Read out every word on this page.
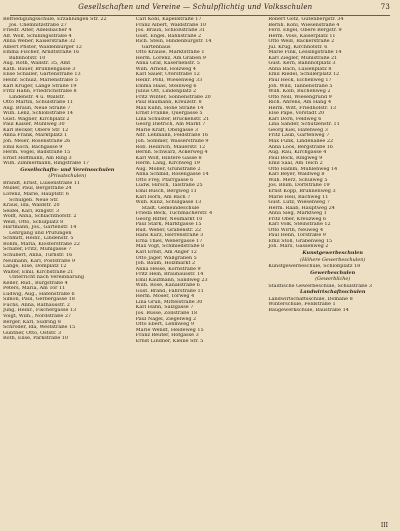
Gesellschaften und Vereine — Schulpflichtig und Volksschulen	73
Befriedigungsschule, Erzählungen Str. 22
Jos. Chemnitzstraße 27
Friedr. Alter, Adelsbacher 4
Alf. Wolf, Schillingsstraße 4
Anna Weber, Kaiserstraße 32
Albert Pfister, Waldenburger 12
Emma Fischer, Arndtstraße 16
Bahnhofstr. 10
Aug. Roth, Wallstr. 35, Amt
Kath. Bauer, Brunnengasse 3
Elise Schaller, Gartenstraße 13
Heinr. Schulz, Marienstraße 5
Karl Krüger, Lange Straße 19
Fritz Hahn, Friedrichstraße 8
Lindenstr. 4 u. Wallstr.
Otto Martin, Schulstraße 11
Aug. Braun, Neue Straße 7
Wilh. Lenz, Schloßstraße 14
Gust. Wagner, Kirchplatz 2
Paul Kaiser, Mühlweg 30
Karl Becker, Obere Str. 12
Anna Frank, Marktplatz 1
Joh. Meier, Rosenstraße 26
Emil Koch, Bachgasse 9
Herm. Vogel, Badstraße 15
Ernst Hoffmann, Am Ring 3
Wilh. Zimmermann, Ringstraße 17
Gesellschafts- und Vereinsschulen
(Privatschulen)
Brandt, Ernst, Luisenstraße 11
Müller, Paul, Bergstraße 24
Lorenz, Marie, Hauptstr. 6
Schulgeb. Neue Str.
Kraus, Ida, Waldstr. 20
Seidel, Karl, Ringstr. 3
Wolff, Anna, Schlachthofstr. 2
Weiß, Otto, Schulplatz 8
Hartmann, Jos., Gartenstr. 14
Lehrgang und Prüfungen
Schmitt, Heinr., Lindenstr. 5
Böhm, Maria, Klosterstraße 22
Schäfer, Fritz, Mühlgasse 7
Schubert, Anna, Turnstr. 16
Neumann, Karl, Poststraße 9
Lange, Else, Domplatz 12
Walter, Emil, Kirchstraße 21
Unterricht nach Vereinbarung
Keller, Rud., Burgstraße 4
Peters, Maria, Am Tor 11
Ludwig, Aug., Hafenstraße 6
Simon, Paul, Gerbergasse 18
Fuchs, Anna, Rathausstr. 2
Jung, Heinr., Fischergasse 13
Voigt, Wilh., Nordstraße 27
Berger, Karl, Südring 8
Schröder, Ida, Weststraße 15
Günther, Otto, Oststr. 3
Roth, Elise, Parkstraße 10
Carl Kohl, Kapellstraße 17
Franz Albert, Waldstraße 10
Jos. Braun, Schloßstraße 31
Gust. Engel, Bahnstraße 2
Rich. Stein, Hindenburgstr. 14
Gartenhaus
Otto Krause, Marktstraße 1
Herm. Lorenz, Am Graben 9
Anna Graf, Kasernenstr. 5
Wilh. Arnold, Holzweg 4
Karl Sauer, Uferstraße 12
Heinr. Pohl, Wiesenweg 33
Emma Haas, Steinweg 6
Julius Ott, Lindenplatz 2
Fritz Winter, Sonnenstraße 20
Paul Baumann, Kreuzstr. 8
Max Kühn, Hohe Straße 14
Ernst Franke, Quergasse 5
Lina Schuster, Brückenstr. 21
Georg Dietrich, Am Markt 7
Marie Kraft, Obstgasse 3
Alfr. Lehmann, Feldstraße 16
Joh. Sommer, Wasserstraße 9
Rob. Heinrich, Mauerstr. 12
Bernh. Schwarz, Ackerweg 4
Karl Wolf, Hintere Gasse 8
Herm. Lang, Kirchweg 19
Aug. Möller, Grünstraße 2
Anna Schmid, Rosengasse 14
Otto Frey, Pfarrgasse 6
Ludw. Hirsch, Talstraße 25
Emil Busch, Bergweg 11
Karl Horn, Am Bach 7
Wilh. Kunz, Schulgasse 13
Stadt. Gemeindeschule
Frieda Beck, Tuchmacherstr. 4
Georg Ritter, Neumarkt 10
Paul Stark, Marktgasse 15
Rud. Weber, Grabenstr. 22
Hans Kurz, Herrenstraße 3
Erna Thiel, Webergasse 17
Max Vogt, Schmiedstraße 8
Karl Ernst, Am Anger 12
Otto Jäger, Wallgraben 5
Joh. Baum, Holzmarkt 2
Anna Hesse, Kornstraße 9
Fritz Hein, Brauhausstr. 14
Emil Kaufmann, Sandweg 23
Wilh. Rose, Kanalstraße 6
Gust. Brand, Fährstraße 11
Herm. Moser, Torweg 4
Lina Grün, Mittelstraße 30
Karl Hahn, Salzgasse 7
Jos. Busse, Zollstraße 18
Paul Nagel, Ziegelweg 2
Otto Ebert, Lehmweg 9
Marie Wendt, Heideweg 15
Franz Reuter, Hofgasse 3
Ernst Lindner, Kleine Str. 5
Robert Götz, Gutenbergstr. 34
Bernh. Kohl, Wiesenstraße 4
Ferd. Engel, Obere Bergstr. 9
Herm. Voss, Kaiserplatz 11
Otto Weiß, Bäckerstraße 2
Jul. Krug, Kirchhofstr. 6
Marie Fink, Lessingstraße 14
Karl Ziegler, Mühlstraße 21
Gust. Kern, Bahnhofplatz 3
Anna Bach, Luisenplatz 8
Emil Riedel, Schillerplatz 12
Paul Heck, Eichenweg 17
Joh. Wild, Tannenstraße 5
Wilh. Kolb, Buchenweg 2
Otto Noll, Wiesengrund 9
Rich. Ahrens, Am Hang 4
Herm. Witt, Friedhofstr. 13
Else Pape, Vorstadt 20
Karl Dorn, Feldweg 6
Lina Sander, Schützenstr. 11
Georg Kiel, Hafenweg 3
Fritz Laub, Gartenweg 7
Max Funk, Lindenallee 22
Anna Loos, Bergstraße 16
Aug. Rau, Kirchgasse 4
Paul Bock, Ringweg 9
Emil Saal, Am Teich 2
Otto Hamm, Mühlenweg 14
Karl Beyer, Waldweg 8
Wilh. Merz, Schulweg 5
Jos. Blum, Dorfstraße 19
Ernst Kopp, Brunnenweg 3
Marie Heil, Bachweg 11
Gust. Lutz, Wiesenweg 7
Herm. Raab, Hauptweg 24
Anna Sieg, Marktweg 1
Fritz Ober, Kreuzweg 6
Karl Volk, Steinstraße 12
Otto Wirth, Neuweg 4
Paul Henn, Torstraße 9
Emil Stoll, Grabenweg 15
Joh. Marx, Gassenweg 2
Kunstgewerbeschulen
(Höhere Gewerbeschulen)
Kunstgewerbeschule, Schloßplatz 18
Gewerbeschulen
(Gewerbliche)
Städtische Gewerbeschule, Schulstraße 3
Landwirtschaftsschulen
Landwirtschaftsschule, Domäne 8
Winterschule, Feldstraße 1
Baugewerkschule, Baustraße 14
III
